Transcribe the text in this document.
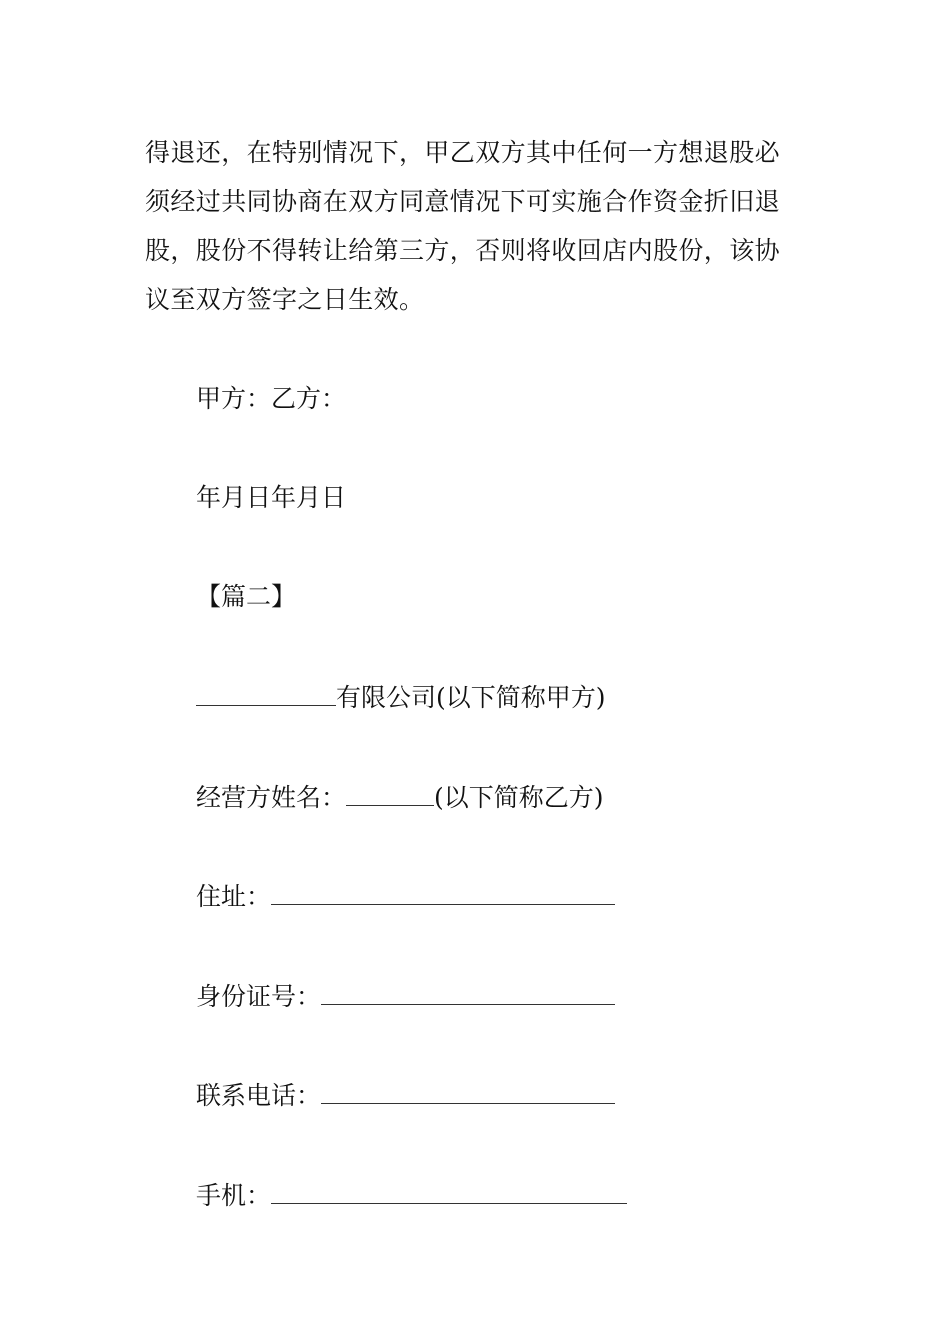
得退还，在特别情况下，甲乙双方其中任何一方想退股必
须经过共同协商在双方同意情况下可实施合作资金折旧退
股，股份不得转让给第三方，否则将收回店内股份，该协
议至双方签字之日生效。
甲方：乙方：
年月日年月日
【篇二】
有限公司(以下简称甲方)
经营方姓名：	(以下简称乙方)
住址：
身份证号：
联系电话：
手机：
